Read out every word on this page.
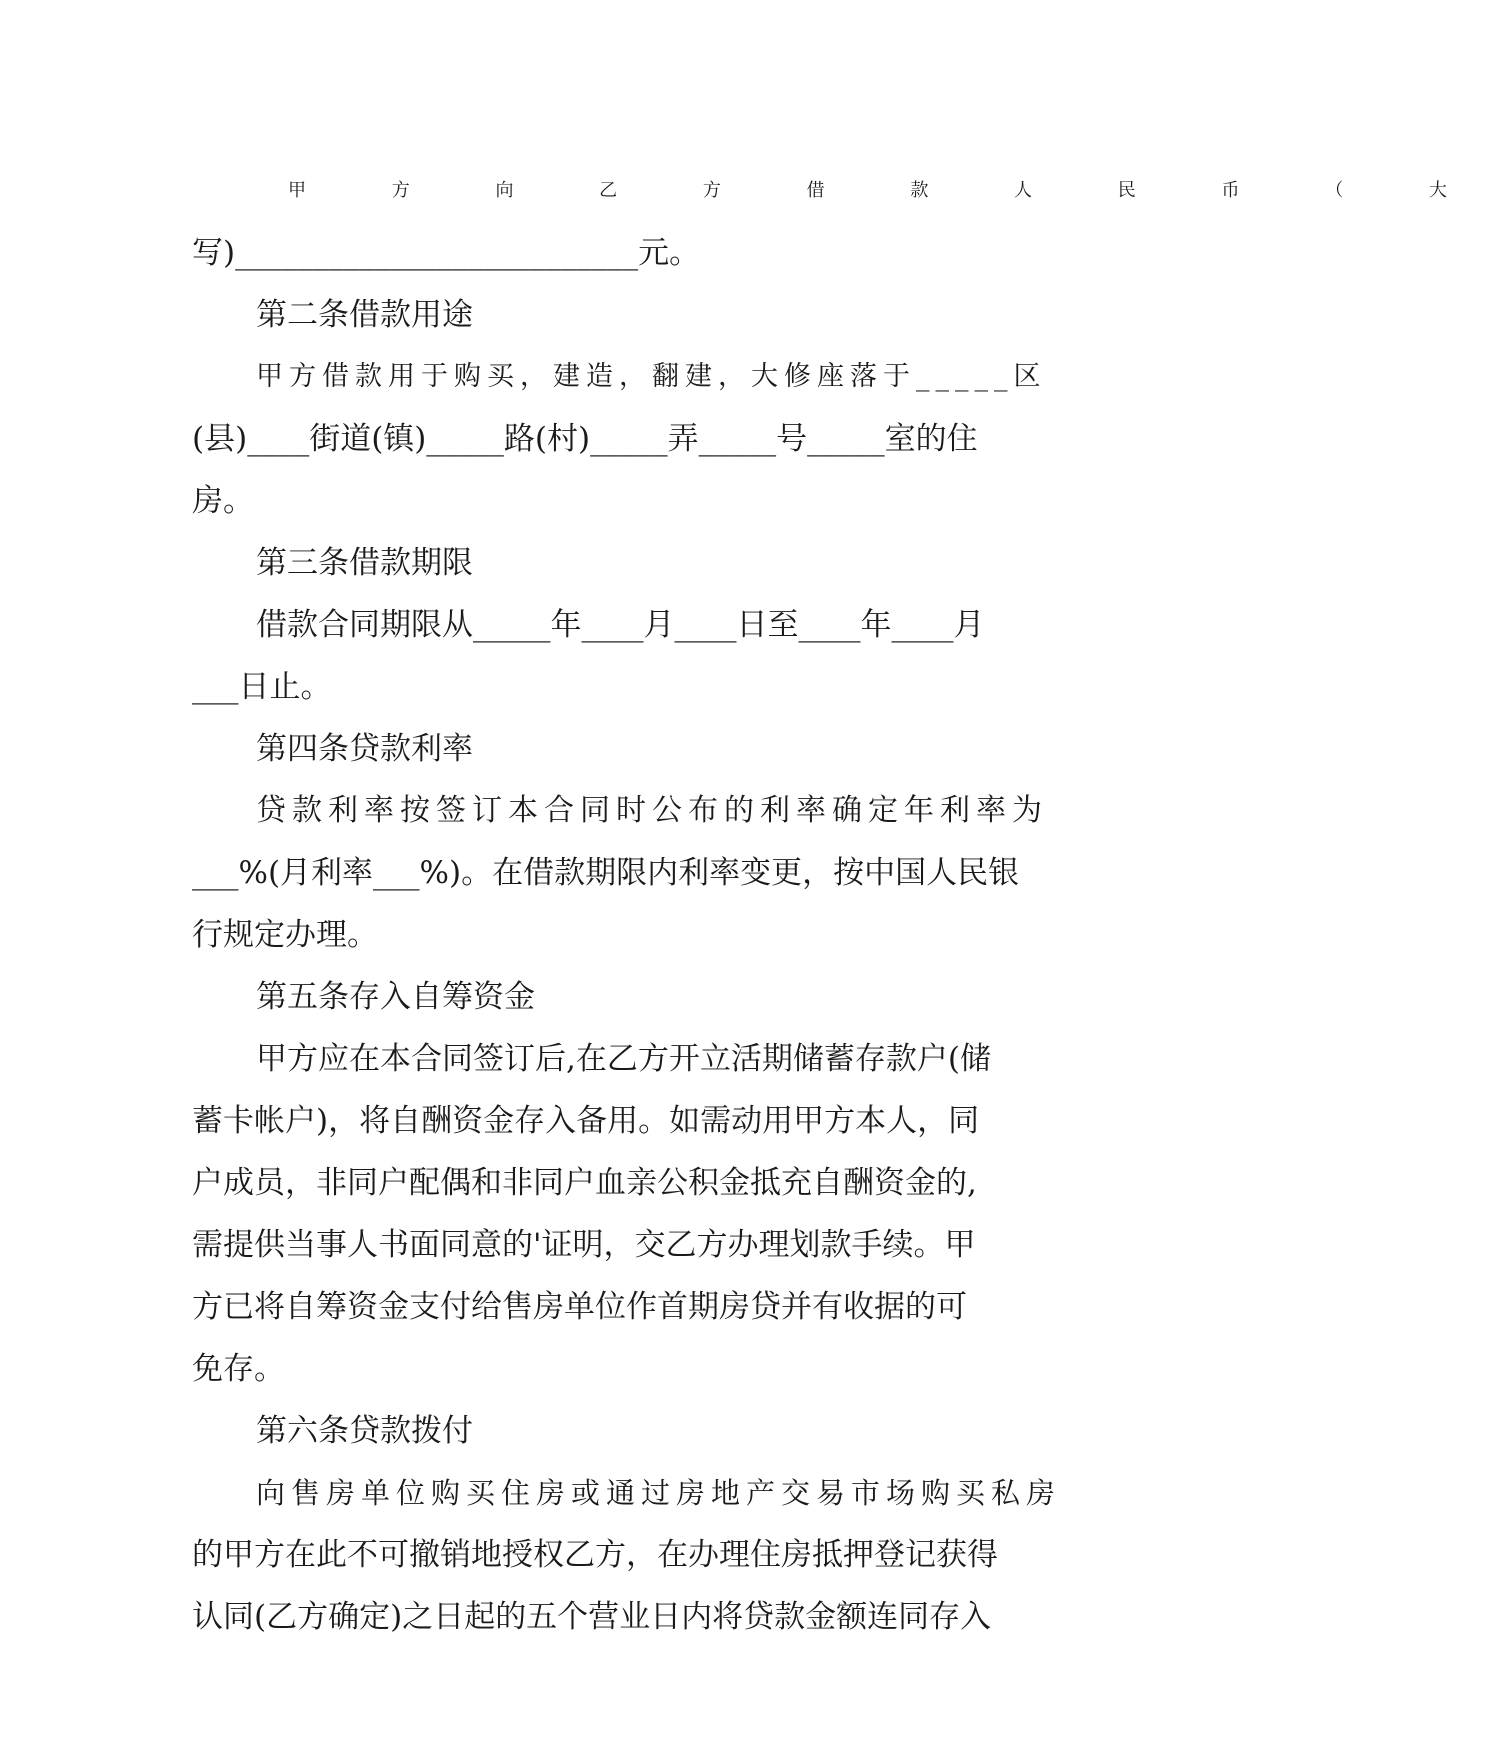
甲 方 向 乙 方 借 款 人 民 币 （ 大
写)__________________________元。
第二条借款用途
甲方借款用于购买，建造，翻建，大修座落于_____区
(县)____街道(镇)_____路(村)_____弄_____号_____室的住
房。
第三条借款期限
借款合同期限从_____年____月____日至____年____月
___日止。
第四条贷款利率
贷款利率按签订本合同时公布的利率确定年利率为
___%(月利率___%)。在借款期限内利率变更，按中国人民银
行规定办理。
第五条存入自筹资金
甲方应在本合同签订后,在乙方开立活期储蓄存款户(储
蓄卡帐户)，将自酬资金存入备用。如需动用甲方本人，同
户成员，非同户配偶和非同户血亲公积金抵充自酬资金的,
需提供当事人书面同意的'证明，交乙方办理划款手续。甲
方已将自筹资金支付给售房单位作首期房贷并有收据的可
免存。
第六条贷款拨付
向售房单位购买住房或通过房地产交易市场购买私房
的甲方在此不可撤销地授权乙方，在办理住房抵押登记获得
认同(乙方确定)之日起的五个营业日内将贷款金额连同存入
